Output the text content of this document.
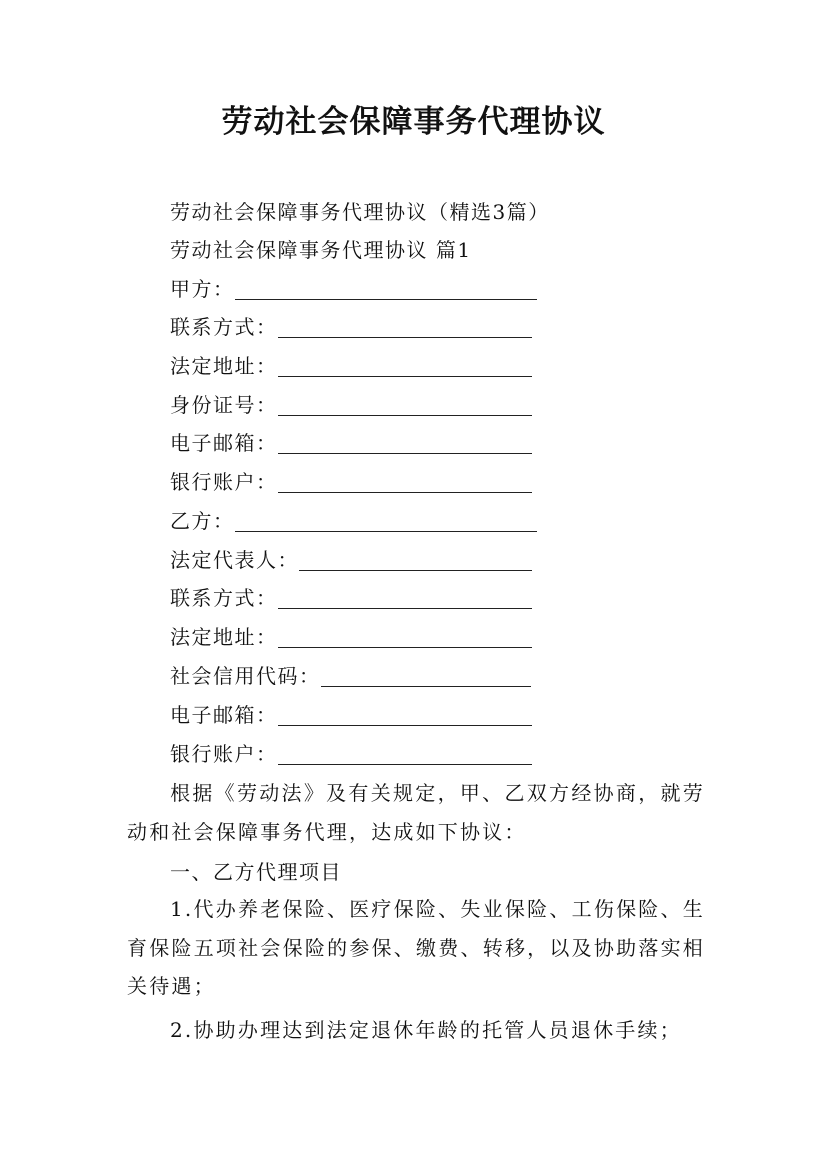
劳动社会保障事务代理协议
劳动社会保障事务代理协议（精选3篇）
劳动社会保障事务代理协议 篇1
甲方：
联系方式：
法定地址：
身份证号：
电子邮箱：
银行账户：
乙方：
法定代表人：
联系方式：
法定地址：
社会信用代码：
电子邮箱：
银行账户：
根据《劳动法》及有关规定，甲、乙双方经协商，就劳动和社会保障事务代理，达成如下协议：
一、乙方代理项目
1.代办养老保险、医疗保险、失业保险、工伤保险、生育保险五项社会保险的参保、缴费、转移，以及协助落实相关待遇；
2.协助办理达到法定退休年龄的托管人员退休手续；
